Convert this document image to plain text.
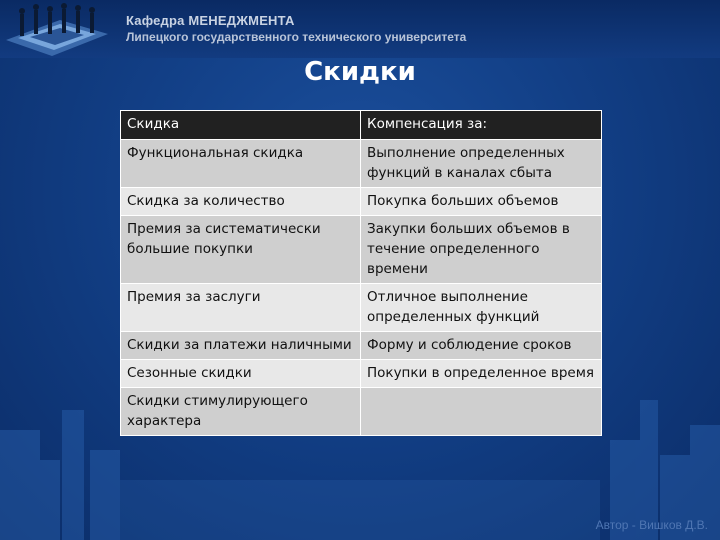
Кафедра МЕНЕДЖМЕНТА
Липецкого государственного технического университета
Скидки
Скидка	Компенсация за:
Функциональная скидка	Выполнение определенных функций в каналах сбыта
Скидка за количество	Покупка больших объемов
Премия за систематически большие покупки	Закупки больших объемов в течение определенного времени
Премия за заслуги	Отличное выполнение определенных функций
Скидки за платежи наличными	Форму и соблюдение сроков
Сезонные скидки	Покупки в определенное время
Скидки стимулирующего характера	
Автор - Вишков Д.В.
